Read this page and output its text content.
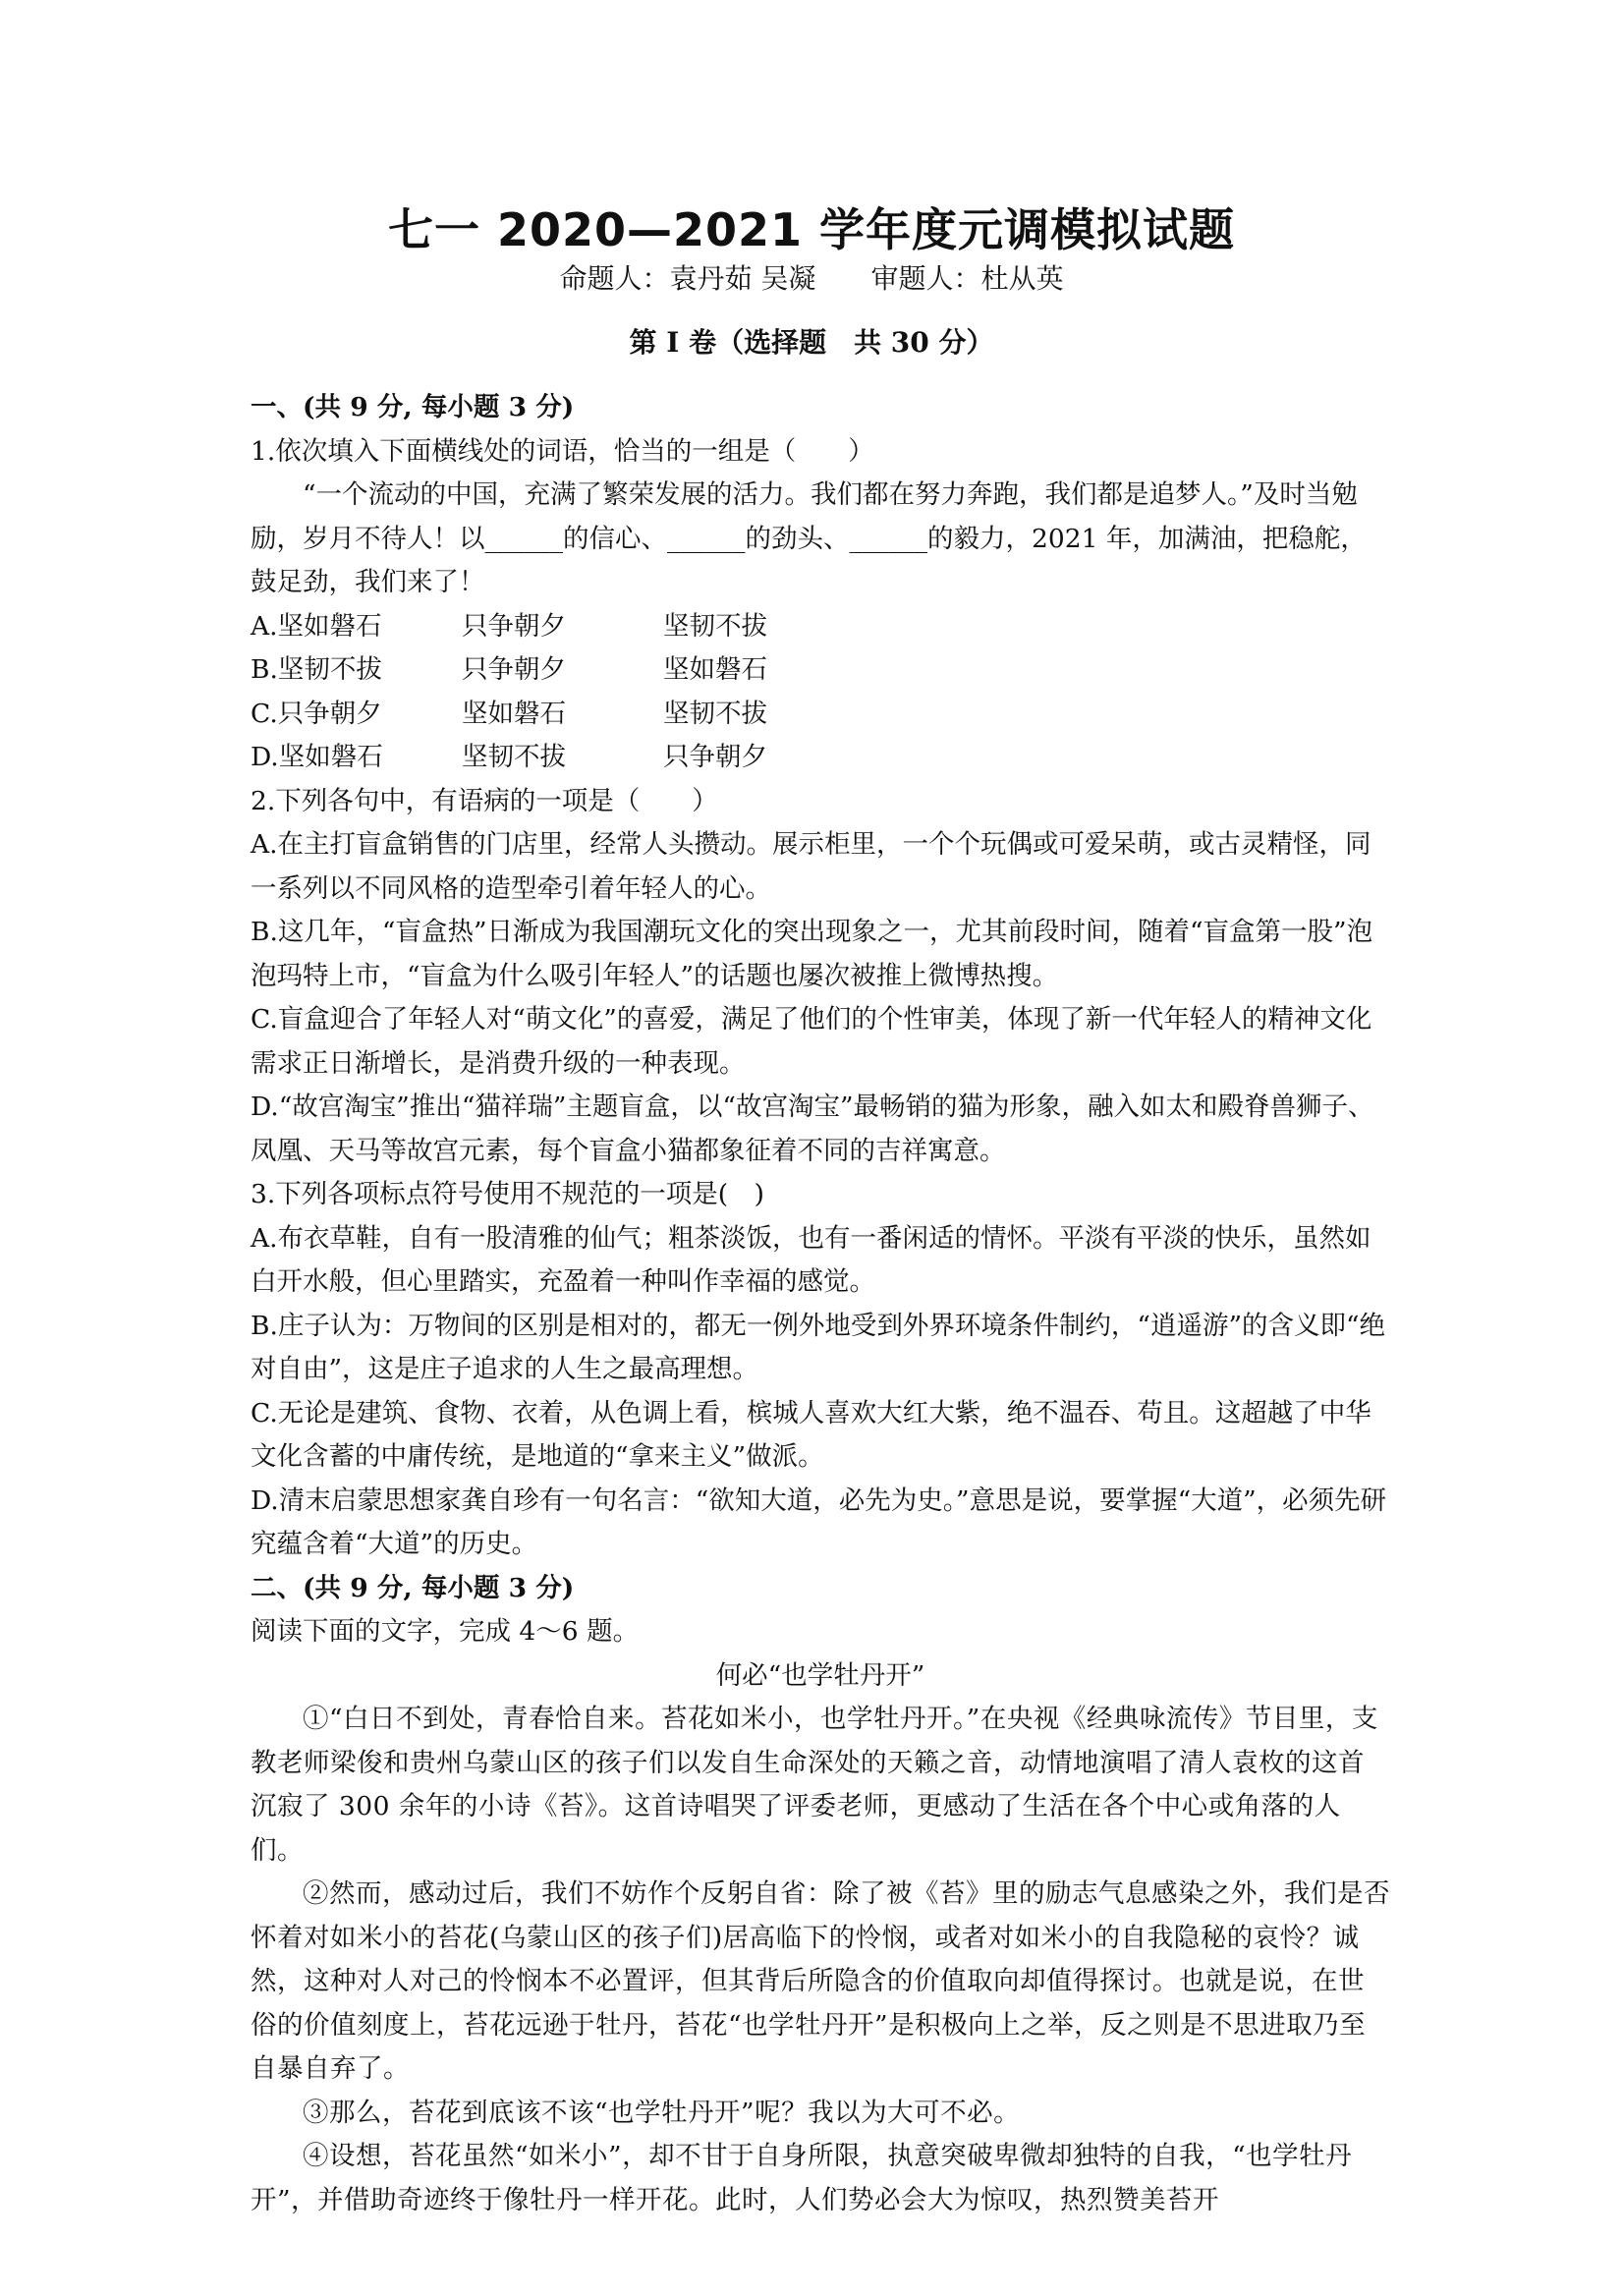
七一 2020—2021 学年度元调模拟试题
命题人：袁丹茹 吴凝 审题人：杜从英
第 I 卷（选择题　共 30 分）

一、(共 9 分, 每小题 3 分)

1.依次填入下面横线处的词语，恰当的一组是（　　）

“一个流动的中国，充满了繁荣发展的活力。我们都在努力奔跑，我们都是追梦人。”及时当勉励，岁月不待人！以______的信心、______的劲头、______的毅力，2021 年，加满油，把稳舵，鼓足劲，我们来了！

A.坚如磐石	只争朝夕	坚韧不拔
B.坚韧不拔	只争朝夕	坚如磐石
C.只争朝夕	坚如磐石	坚韧不拔
D.坚如磐石	坚韧不拔	只争朝夕

2.下列各句中，有语病的一项是（　　）

A.在主打盲盒销售的门店里，经常人头攒动。展示柜里，一个个玩偶或可爱呆萌，或古灵精怪，同一系列以不同风格的造型牵引着年轻人的心。

B.这几年，“盲盒热”日渐成为我国潮玩文化的突出现象之一，尤其前段时间，随着“盲盒第一股”泡泡玛特上市，“盲盒为什么吸引年轻人”的话题也屡次被推上微博热搜。

C.盲盒迎合了年轻人对“萌文化”的喜爱，满足了他们的个性审美，体现了新一代年轻人的精神文化需求正日渐增长，是消费升级的一种表现。

D.“故宫淘宝”推出“猫祥瑞”主题盲盒，以“故宫淘宝”最畅销的猫为形象，融入如太和殿脊兽狮子、凤凰、天马等故宫元素，每个盲盒小猫都象征着不同的吉祥寓意。

3.下列各项标点符号使用不规范的一项是(　)

A.布衣草鞋，自有一股清雅的仙气；粗茶淡饭，也有一番闲适的情怀。平淡有平淡的快乐，虽然如白开水般，但心里踏实，充盈着一种叫作幸福的感觉。

B.庄子认为：万物间的区别是相对的，都无一例外地受到外界环境条件制约，“逍遥游”的含义即“绝对自由”，这是庄子追求的人生之最高理想。

C.无论是建筑、食物、衣着，从色调上看，槟城人喜欢大红大紫，绝不温吞、苟且。这超越了中华文化含蓄的中庸传统，是地道的“拿来主义”做派。

D.清末启蒙思想家龚自珍有一句名言：“欲知大道，必先为史。”意思是说，要掌握“大道”，必须先研究蕴含着“大道”的历史。

二、(共 9 分, 每小题 3 分)

阅读下面的文字，完成 4～6 题。

何必“也学牡丹开”

①“白日不到处，青春恰自来。苔花如米小，也学牡丹开。”在央视《经典咏流传》节目里，支教老师梁俊和贵州乌蒙山区的孩子们以发自生命深处的天籁之音，动情地演唱了清人袁枚的这首沉寂了 300 余年的小诗《苔》。这首诗唱哭了评委老师，更感动了生活在各个中心或角落的人们。

②然而，感动过后，我们不妨作个反躬自省：除了被《苔》里的励志气息感染之外，我们是否怀着对如米小的苔花(乌蒙山区的孩子们)居高临下的怜悯，或者对如米小的自我隐秘的哀怜？诚然，这种对人对己的怜悯本不必置评，但其背后所隐含的价值取向却值得探讨。也就是说，在世俗的价值刻度上，苔花远逊于牡丹，苔花“也学牡丹开”是积极向上之举，反之则是不思进取乃至自暴自弃了。

③那么，苔花到底该不该“也学牡丹开”呢？我以为大可不必。

④设想，苔花虽然“如米小”，却不甘于自身所限，执意突破卑微却独特的自我，“也学牡丹开”，并借助奇迹终于像牡丹一样开花。此时，人们势必会大为惊叹，热烈赞美苔开
